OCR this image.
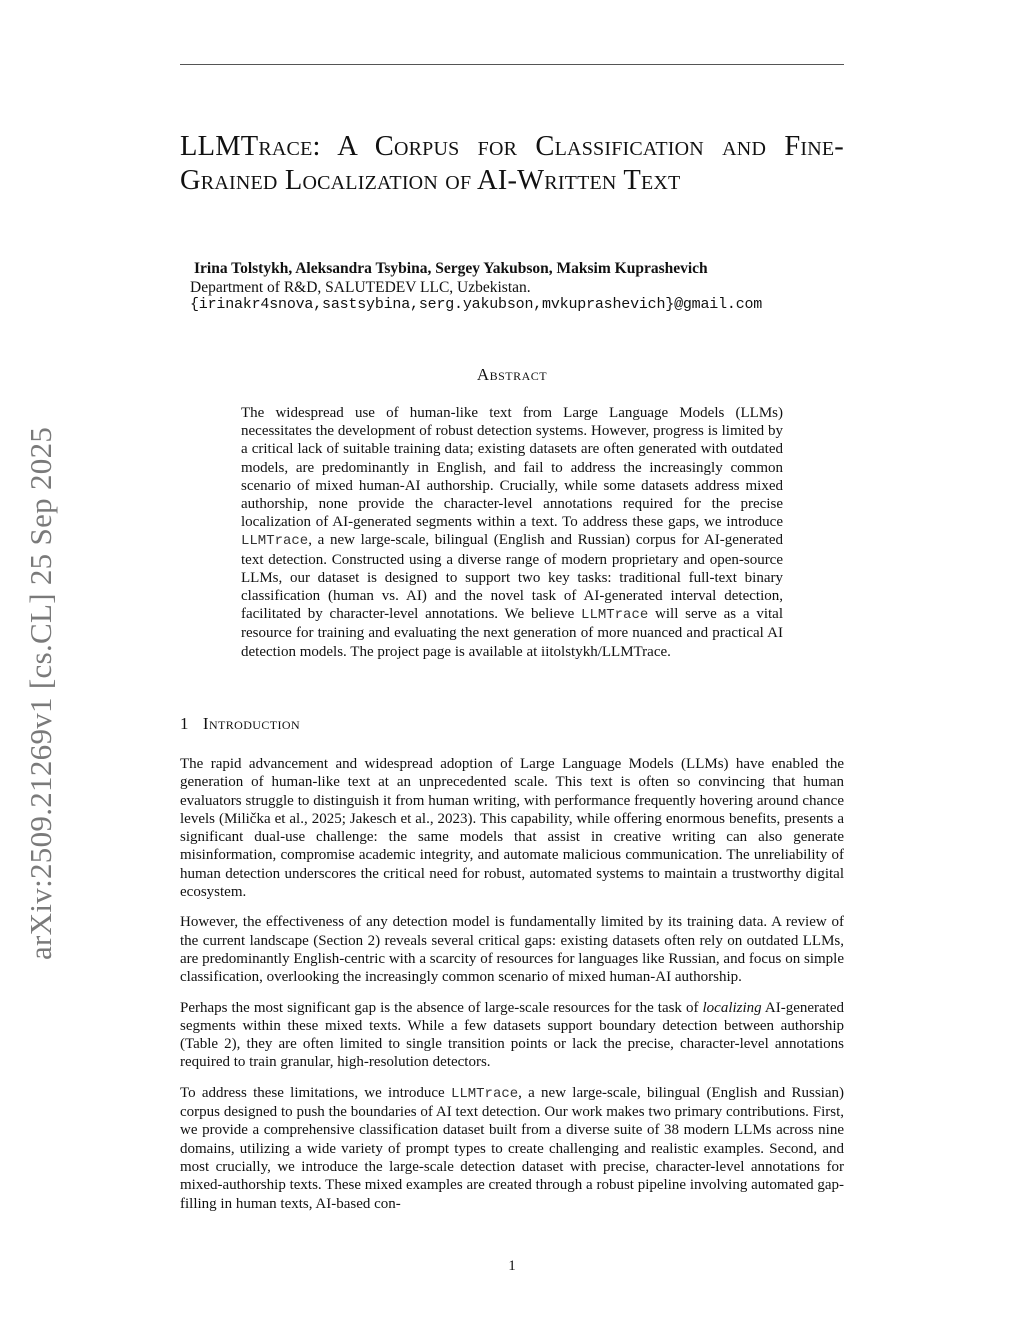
arXiv:2509.21269v1 [cs.CL] 25 Sep 2025
LLMTrace: A Corpus for Classification and Fine-Grained Localization of AI-Written Text
Irina Tolstykh, Aleksandra Tsybina, Sergey Yakubson, Maksim Kuprashevich
Department of R&D, SALUTEDEV LLC, Uzbekistan.
{irinakr4snova,sastsybina,serg.yakubson,mvkuprashevich}@gmail.com
Abstract

The widespread use of human-like text from Large Language Models (LLMs) necessitates the development of robust detection systems. However, progress is limited by a critical lack of suitable training data; existing datasets are often generated with outdated models, are predominantly in English, and fail to address the increasingly common scenario of mixed human-AI authorship. Crucially, while some datasets address mixed authorship, none provide the character-level annotations required for the precise localization of AI-generated segments within a text. To address these gaps, we introduce LLMTrace, a new large-scale, bilingual (English and Russian) corpus for AI-generated text detection. Constructed using a diverse range of modern proprietary and open-source LLMs, our dataset is designed to support two key tasks: traditional full-text binary classification (human vs. AI) and the novel task of AI-generated interval detection, facilitated by character-level annotations. We believe LLMTrace will serve as a vital resource for training and evaluating the next generation of more nuanced and practical AI detection models. The project page is available at iitolstykh/LLMTrace.

1 Introduction

The rapid advancement and widespread adoption of Large Language Models (LLMs) have enabled the generation of human-like text at an unprecedented scale. This text is often so convincing that human evaluators struggle to distinguish it from human writing, with performance frequently hovering around chance levels (Milička et al., 2025; Jakesch et al., 2023). This capability, while offering enormous benefits, presents a significant dual-use challenge: the same models that assist in creative writing can also generate misinformation, compromise academic integrity, and automate malicious communication. The unreliability of human detection underscores the critical need for robust, automated systems to maintain a trustworthy digital ecosystem.

However, the effectiveness of any detection model is fundamentally limited by its training data. A review of the current landscape (Section 2) reveals several critical gaps: existing datasets often rely on outdated LLMs, are predominantly English-centric with a scarcity of resources for languages like Russian, and focus on simple classification, overlooking the increasingly common scenario of mixed human-AI authorship.

Perhaps the most significant gap is the absence of large-scale resources for the task of localizing AI-generated segments within these mixed texts. While a few datasets support boundary detection between authorship (Table 2), they are often limited to single transition points or lack the precise, character-level annotations required to train granular, high-resolution detectors.

To address these limitations, we introduce LLMTrace, a new large-scale, bilingual (English and Russian) corpus designed to push the boundaries of AI text detection. Our work makes two primary contributions. First, we provide a comprehensive classification dataset built from a diverse suite of 38 modern LLMs across nine domains, utilizing a wide variety of prompt types to create challenging and realistic examples. Second, and most crucially, we introduce the large-scale detection dataset with precise, character-level annotations for mixed-authorship texts. These mixed examples are created through a robust pipeline involving automated gap-filling in human texts, AI-based con-

1
